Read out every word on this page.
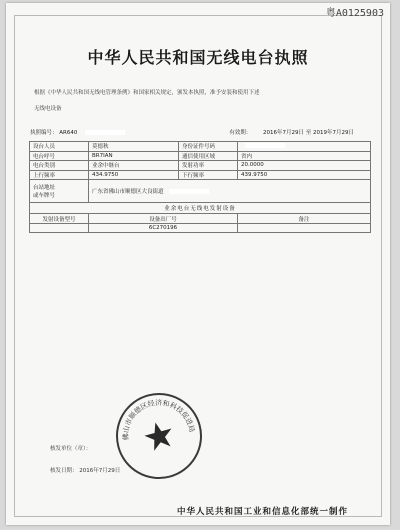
粤A0125903
中华人民共和国无线电台执照
根据《中华人民共和国无线电管理条例》和国家相关规定，颁发本执照，准予安装和使用下述
无线电设备
执照编号： AR640	有效期： 2016年7月29日 至 2019年7月29日
设台人员	莫德秋	身份证件号码	
电台呼号	BR7IAN	通信使用区域	省内
电台类别	业余中继台	发射功率	20.0000
上行频率	434.9750	下行频率	439.9750
台站地址
或车牌号	广东省佛山市顺德区大良街道		
业余电台无线电发射设备			
发射设备型号	设备出厂号		备注
	6C270196		
核发单位（章）：
核发日期： 2016年7月29日
佛山市顺德区经济和科技促进局
中华人民共和国工业和信息化部统一制作
